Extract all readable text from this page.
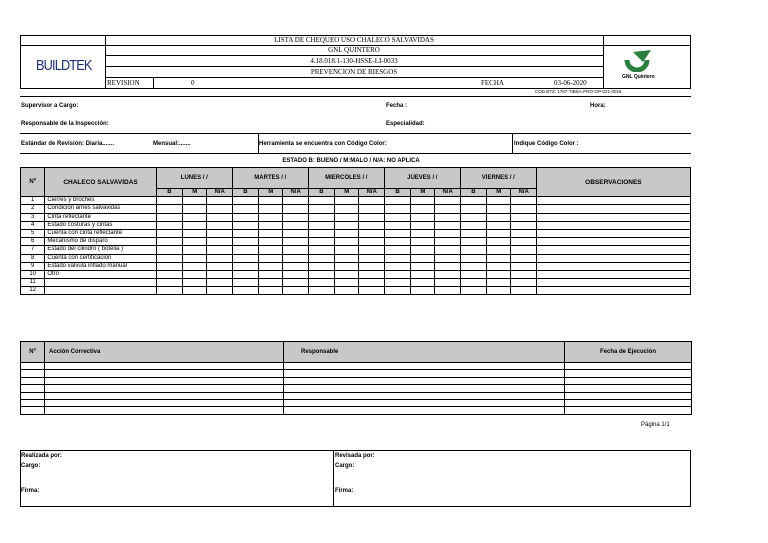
LISTA DE CHEQUEO USO CHALECO SALVAVIDAS
GNL QUINTERO
4.18.018.1-130-HSSE-LI-0033
PREVENCION DE RIESGOS
REVISION	0	FECHA	03-06-2020
BUILDTEK
GNL Quintero
COD BTZ: 1767-TIBSA-PRO-GP-021-0016
Supervisor a Cargo:	Fecha :	Hora:
Responsable de la Inspección:	Especialidad:
Estándar de Revisión: Diaria.......	Mensual:.......	Herramienta se encuentra con Código Color:	Indique Código Color :
ESTADO B: BUENO / M:MALO / N/A: NO APLICA
Nº	CHALECO SALVAVIDAS	LUNES / /			MARTES / /			MIERCOLES / /			JUEVES / /			VIERNES / /			OBSERVACIONES
		B	M	N/A	B	M	N/A	B	M	N/A	B	M	N/A	B	M	N/A	
1	Cierres y broches																
2	Condicion arnes salvavidas																
3	Cinta reflectante																
4	Estado costuras y cintas																
5	Cuenta con cinta reflectante																
6	Mecanismo de disparo																
7	Estado del cilindro ( botella )																
8	Cuenta con certificacion																
9	Estado valvula inflado manual																
10	Otro																
11																	
12																	
Nº	Acción Correctiva	Responsable	Fecha de Ejecución

Página 1/1
Realizada por:
Cargo:
Firma:
Revisada por:
Cargo:
Firma:
